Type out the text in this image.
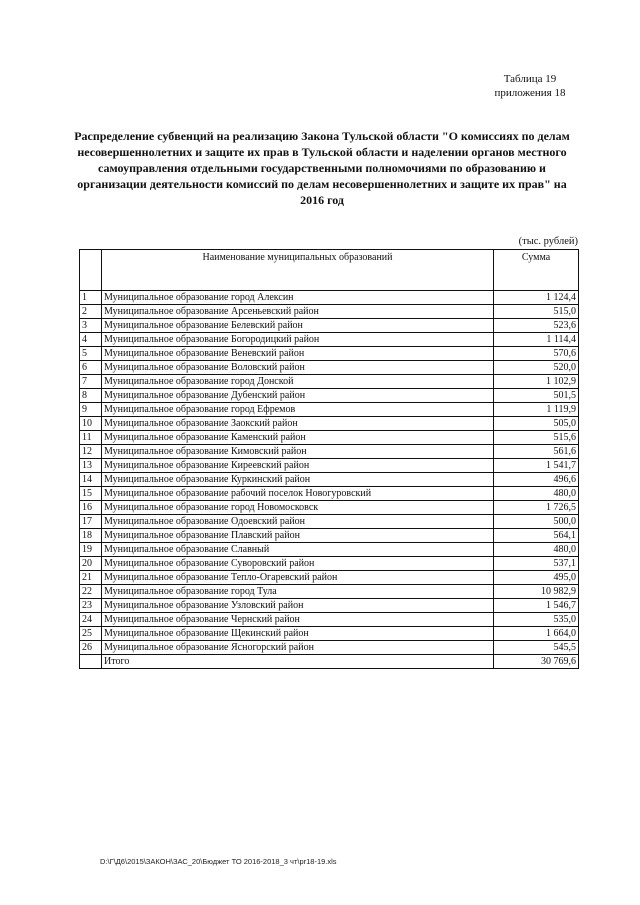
Таблица 19
приложения 18
Распределение субвенций на реализацию Закона Тульской области "О комиссиях по делам несовершеннолетних и защите их прав в Тульской области и наделении органов местного самоуправления отдельными государственными полномочиями по образованию и организации деятельности комиссий по делам несовершеннолетних и защите их прав" на 2016 год
(тыс. рублей)
	Наименование муниципальных образований	Сумма
1	Муниципальное образование город Алексин	1 124,4
2	Муниципальное образование Арсеньевский район	515,0
3	Муниципальное образование Белевский район	523,6
4	Муниципальное образование Богородицкий район	1 114,4
5	Муниципальное образование Веневский район	570,6
6	Муниципальное образование Воловский район	520,0
7	Муниципальное образование город Донской	1 102,9
8	Муниципальное образование Дубенский район	501,5
9	Муниципальное образование город Ефремов	1 119,9
10	Муниципальное образование Заокский район	505,0
11	Муниципальное образование Каменский район	515,6
12	Муниципальное образование Кимовский район	561,6
13	Муниципальное образование Киреевский район	1 541,7
14	Муниципальное образование Куркинский район	496,6
15	Муниципальное образование рабочий поселок Новогуровский	480,0
16	Муниципальное образование город Новомосковск	1 726,5
17	Муниципальное образование Одоевский район	500,0
18	Муниципальное образование Плавский район	564,1
19	Муниципальное образование Славный	480,0
20	Муниципальное образование Суворовский район	537,1
21	Муниципальное образование Тепло-Огаревский район	495,0
22	Муниципальное образование город Тула	10 982,9
23	Муниципальное образование Узловский район	1 546,7
24	Муниципальное образование Чернский район	535,0
25	Муниципальное образование Щекинский район	1 664,0
26	Муниципальное образование Ясногорский район	545,5
	Итого	30 769,6
D:\Г\Д6\2015\ЗАКОН\ЗАС_20\Бюджет ТО 2016-2018_3 чт\рr18-19.xls
